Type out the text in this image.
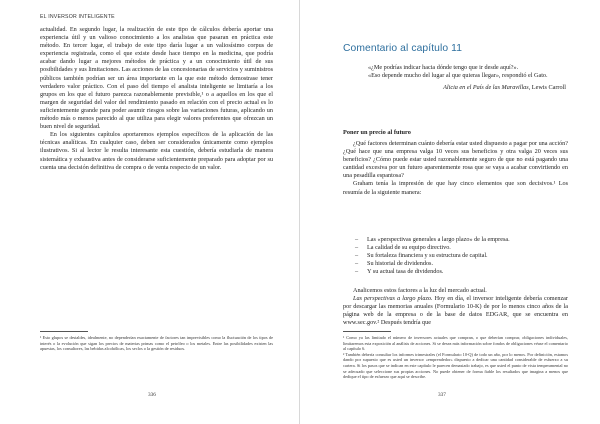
EL INVERSOR INTELIGENTE

actualidad. En segundo lugar, la realización de este tipo de cálculos debería aportar una experiencia útil y un valioso conocimiento a los analistas que pasaran en práctica este método. En tercer lugar, el trabajo de este tipo daría lugar a un valiosísimo corpus de experiencia registrada, como el que existe desde hace tiempo en la medicina, que podría acabar dando lugar a mejores métodos de práctica y a un conocimiento útil de sus posibilidades y sus limitaciones. Las acciones de las concesionarias de servicios y suministros públicos también podrían ser un área importante en la que este método demostrase tener verdadero valor práctico. Con el paso del tiempo el analista inteligente se limitaría a los grupos en los que el futuro parezca razonablemente previsible,¹ o a aquellos en los que el margen de seguridad del valor del rendimiento pasado en relación con el precio actual es lo suficientemente grande para poder asumir riesgos sobre las variaciones futuras, aplicando un método más o menos parecido al que utiliza para elegir valores preferentes que ofrezcan un buen nivel de seguridad.

En los siguientes capítulos aportaremos ejemplos específicos de la aplicación de las técnicas analíticas. En cualquier caso, deben ser considerados únicamente como ejemplos ilustrativos. Si al lector le resulta interesante esta cuestión, debería estudiarla de manera sistemática y exhaustiva antes de considerarse suficientemente preparado para adoptar por su cuenta una decisión definitiva de compra o de venta respecto de un valor.

¹ Esto glupos se destaldes, idealmente, no dependerían exactamente de factores tan imprevisibles como la fluctuación de los tipos de interés o la evolución que sigan los precios de materias primas como el petróleo o los metales. Entre las posibilidades existen las apuestas, los consultores, las bebidas alcohólicas, los seclos o la gestión de residuos.
336
Comentario al capítulo 11

«¿Me podrías indicar hacia dónde tengo que ir desde aquí?».

«Eso depende mucho del lugar al que quieras llegar», respondió el Gato.

Alicia en el País de las Maravillas, Lewis Carroll

Poner un precio al futuro

¿Qué factores determinan cuánto debería estar usted dispuesto a pagar por una acción? ¿Qué hace que una empresa valga 10 veces sus beneficios y otra valga 20 veces sus beneficios? ¿Cómo puede estar usted razonablemente seguro de que no está pagando una cantidad excesiva por un futuro aparentemente rosa que se vaya a acabar convirtiendo en una pesadilla espantosa?

Graham tenía la impresión de que hay cinco elementos que son decisivos.¹ Los resumía de la siguiente manera:

– Las «perspectivas generales a largo plazo» de la empresa.
– La calidad de su equipo directivo.
– Su fortaleza financiera y su estructura de capital.
– Su historial de dividendos.
– Y su actual tasa de dividendos.

Analicemos estos factores a la luz del mercado actual.

Las perspectivas a largo plazo. Hoy en día, el inversor inteligente debería comenzar por descargar las memorias anuales (Formulario 10-K) de por lo menos cinco años de la página web de la empresa o de la base de datos EDGAR, que se encuentra en www.sec.gov.² Después tendría que

¹ Como ya las limitado el número de inversores actuales que compran, o que deberían comprar, obligaciones individuales, limitaremos esta exposición al análisis de acciones. Si se desea más información sobre fondos de obligaciones véase el comentario al capítulo 6.
² También debería consultar los informes trimestrales (el Formulario 10-Q) de todo un año, por lo menos. Por definición, estamos dando por supuesto que es usted un inversor «emprendedor» dispuesto a dedicar una cantidad considerable de esfuerzo a su cartera. Si los pasos que se indican en este capítulo le parecen demasiado trabajo, es que usted el punto de vista temperamental no se adecuado que seleccione sus propias acciones. No puede obtener de forma fiable los resultados que imagina a menos que dedique el tipo de esfuerzo que aquí se describe.
337
